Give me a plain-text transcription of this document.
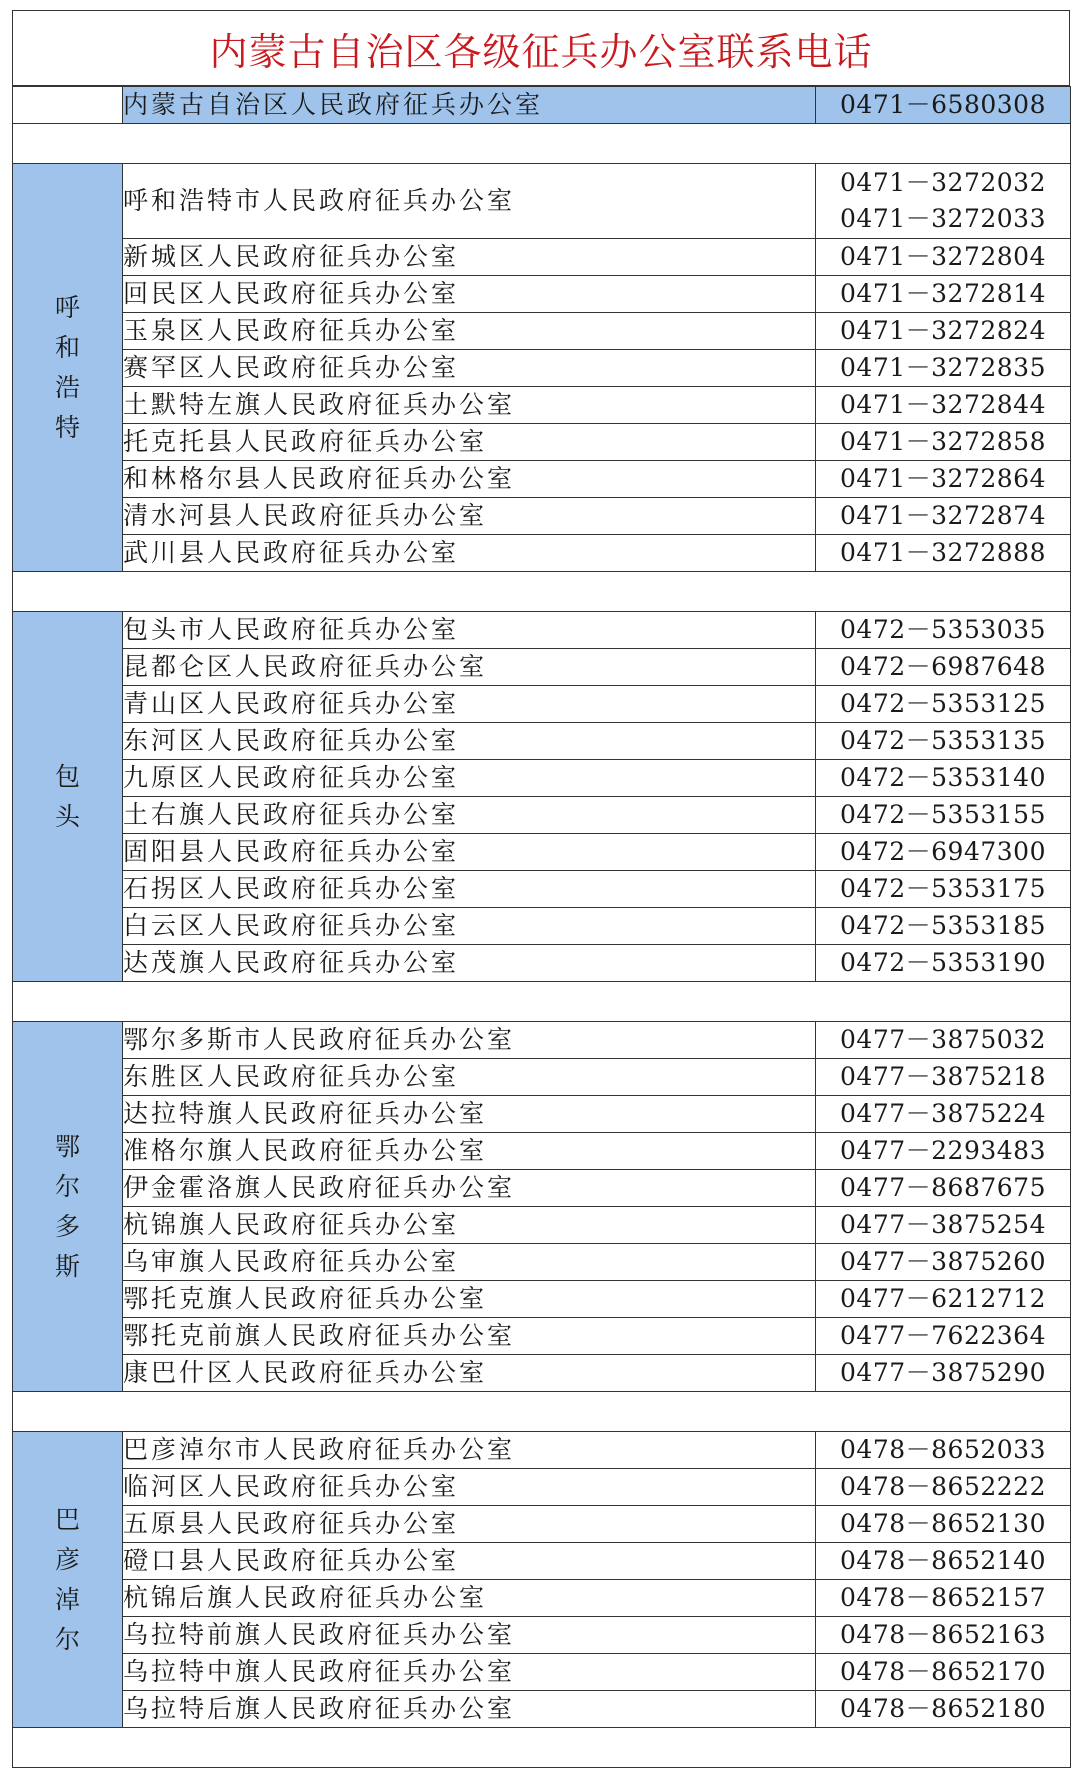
内蒙古自治区各级征兵办公室联系电话
	内蒙古自治区人民政府征兵办公室	0471－6580308

呼和浩特	呼和浩特市人民政府征兵办公室	0471－3272032
0471－3272033

	新城区人民政府征兵办公室	0471－3272804
	回民区人民政府征兵办公室	0471－3272814
	玉泉区人民政府征兵办公室	0471－3272824
	赛罕区人民政府征兵办公室	0471－3272835
	土默特左旗人民政府征兵办公室	0471－3272844
	托克托县人民政府征兵办公室	0471－3272858
	和林格尔县人民政府征兵办公室	0471－3272864
	清水河县人民政府征兵办公室	0471－3272874
	武川县人民政府征兵办公室	0471－3272888

包头	包头市人民政府征兵办公室	0472－5353035
	昆都仑区人民政府征兵办公室	0472－6987648
	青山区人民政府征兵办公室	0472－5353125
	东河区人民政府征兵办公室	0472－5353135
	九原区人民政府征兵办公室	0472－5353140
	土右旗人民政府征兵办公室	0472－5353155
	固阳县人民政府征兵办公室	0472－6947300
	石拐区人民政府征兵办公室	0472－5353175
	白云区人民政府征兵办公室	0472－5353185
	达茂旗人民政府征兵办公室	0472－5353190

鄂尔多斯	鄂尔多斯市人民政府征兵办公室	0477－3875032
	东胜区人民政府征兵办公室	0477－3875218
	达拉特旗人民政府征兵办公室	0477－3875224
	准格尔旗人民政府征兵办公室	0477－2293483
	伊金霍洛旗人民政府征兵办公室	0477－8687675
	杭锦旗人民政府征兵办公室	0477－3875254
	乌审旗人民政府征兵办公室	0477－3875260
	鄂托克旗人民政府征兵办公室	0477－6212712
	鄂托克前旗人民政府征兵办公室	0477－7622364
	康巴什区人民政府征兵办公室	0477－3875290

巴彦淖尔	巴彦淖尔市人民政府征兵办公室	0478－8652033
	临河区人民政府征兵办公室	0478－8652222
	五原县人民政府征兵办公室	0478－8652130
	磴口县人民政府征兵办公室	0478－8652140
	杭锦后旗人民政府征兵办公室	0478－8652157
	乌拉特前旗人民政府征兵办公室	0478－8652163
	乌拉特中旗人民政府征兵办公室	0478－8652170
	乌拉特后旗人民政府征兵办公室	0478－8652180
